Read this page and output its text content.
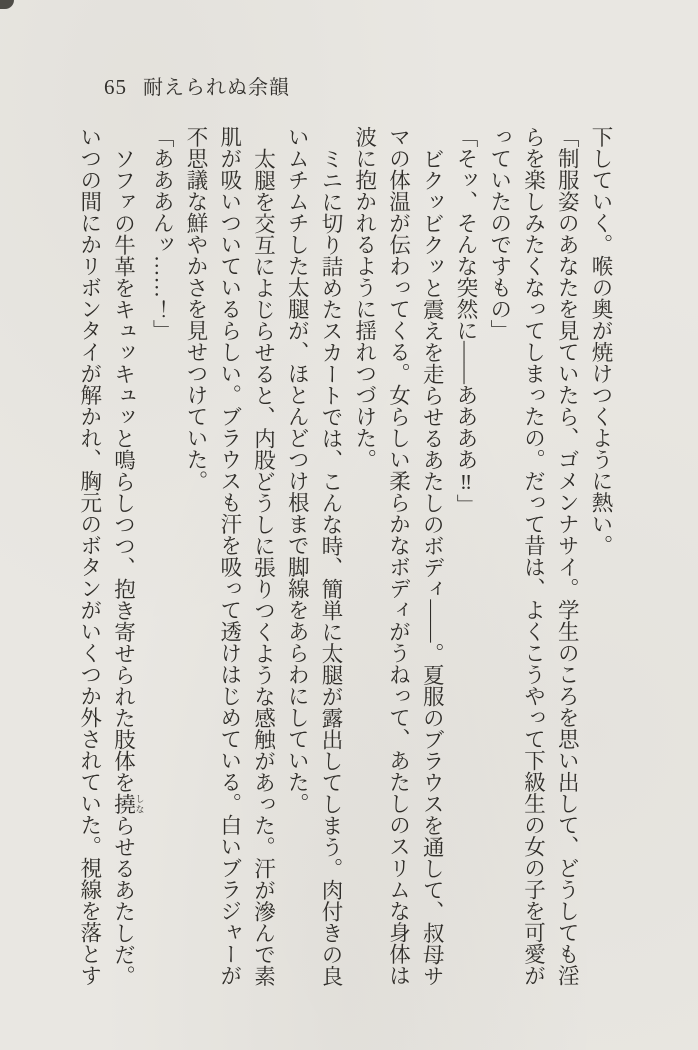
65 耐えられぬ余韻

下していく。喉の奥が焼けつくように熱い。

「制服姿のあなたを見ていたら、ゴメンナサイ。学生のころを思い出して、どうしても淫らを楽しみたくなってしまったの。だって昔は、よくこうやって下級生の女の子を可愛がっていたのですもの」

「そッ、そんな突然に――ああああ‼」

ビクッビクッと震えを走らせるあたしのボディ――。夏服のブラウスを通して、叔母サマの体温が伝わってくる。女らしい柔らかなボディがうねって、あたしのスリムな身体は波に抱かれるように揺れつづけた。

ミニに切り詰めたスカートでは、こんな時、簡単に太腿が露出してしまう。肉付きの良いムチムチした太腿が、ほとんどつけ根まで脚線をあらわにしていた。

太腿を交互によじらせると、内股どうしに張りつくような感触があった。汗が滲んで素肌が吸いついているらしい。ブラウスも汗を吸って透けはじめている。白いブラジャーが不思議な鮮やかさを見せつけていた。

「あああんッ……！」

ソファの牛革をキュッキュッと鳴らしつつ、抱き寄せられた肢体を撓 しならせるあたしだ。いつの間にかリボンタイが解かれ、胸元のボタンがいくつか外されていた。視線を落とす
